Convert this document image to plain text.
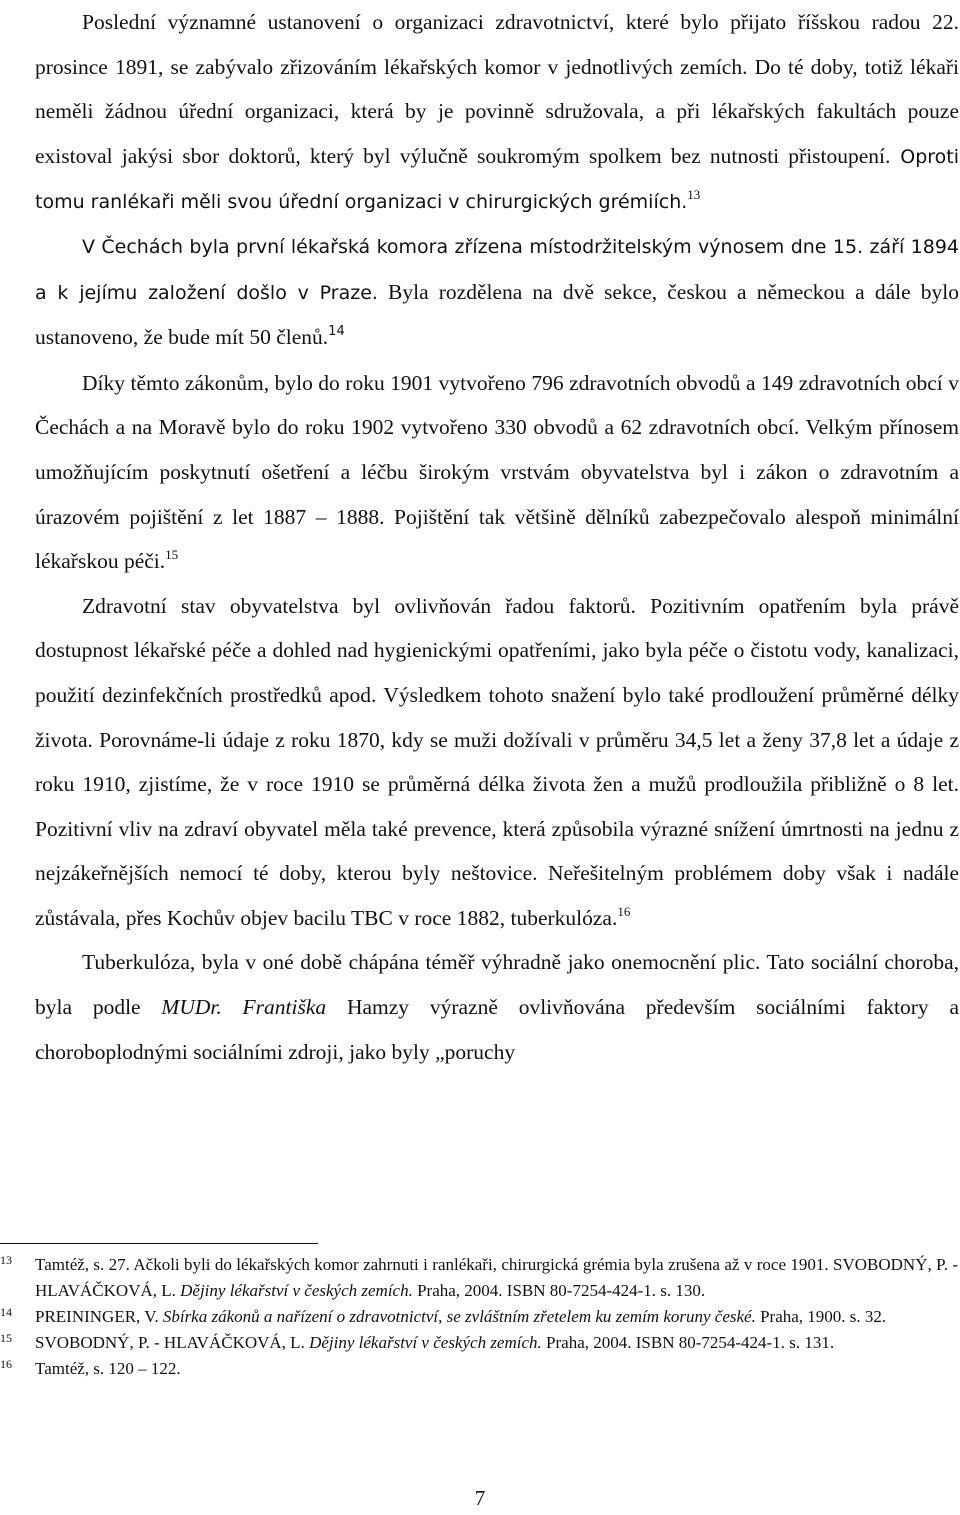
Poslední významné ustanovení o organizaci zdravotnictví, které bylo přijato říšskou radou 22. prosince 1891, se zabývalo zřizováním lékařských komor v jednotlivých zemích. Do té doby, totiž lékaři neměli žádnou úřední organizaci, která by je povinně sdružovala, a při lékařských fakultách pouze existoval jakýsi sbor doktorů, který byl výlučně soukromým spolkem bez nutnosti přistoupení. Oproti tomu ranlékaři měli svou úřední organizaci v chirurgických grémiích.$^{13}$

V Čechách byla první lékařská komora zřízena místodržitelským výnosem dne 15. září 1894 a k jejímu založení došlo v Praze. Byla rozdělena na dvě sekce, českou a německou a dále bylo ustanoveno, že bude mít 50 členů.$^{14}$

Díky těmto zákonům, bylo do roku 1901 vytvořeno 796 zdravotních obvodů a 149 zdravotních obcí v Čechách a na Moravě bylo do roku 1902 vytvořeno 330 obvodů a 62 zdravotních obcí. Velkým přínosem umožňujícím poskytnutí ošetření a léčbu širokým vrstvám obyvatelstva byl i zákon o zdravotním a úrazovém pojištění z let 1887 – 1888. Pojištění tak většině dělníků zabezpečovalo alespoň minimální lékařskou péči.$^{15}$

Zdravotní stav obyvatelstva byl ovlivňován řadou faktorů. Pozitivním opatřením byla právě dostupnost lékařské péče a dohled nad hygienickými opatřeními, jako byla péče o čistotu vody, kanalizaci, použití dezinfekčních prostředků apod. Výsledkem tohoto snažení bylo také prodloužení průměrné délky života. Porovnáme-li údaje z roku 1870, kdy se muži dožívali v průměru 34,5 let a ženy 37,8 let a údaje z roku 1910, zjistíme, že v roce 1910 se průměrná délka života žen a mužů prodloužila přibližně o 8 let. Pozitivní vliv na zdraví obyvatel měla také prevence, která způsobila výrazné snížení úmrtnosti na jednu z nejzákeřnějších nemocí té doby, kterou byly neštovice. Neřešitelným problémem doby však i nadále zůstávala, přes Kochův objev bacilu TBC v roce 1882, tuberkulóza.$^{16}$

Tuberkulóza, byla v oné době chápána téměř výhradně jako onemocnění plic. Tato sociální choroba, byla podle MUDr. Františka Hamzy výrazně ovlivňována především sociálními faktory a choroboplodnými sociálními zdroji, jako byly „poruchy

13	Tamtéž, s. 27. Ačkoli byli do lékařských komor zahrnuti i ranlékaři, chirurgická grémia byla zrušena až v roce 1901. SVOBODNÝ, P. - HLAVÁČKOVÁ, L. Dějiny lékařství v českých zemích. Praha, 2004. ISBN 80-7254-424-1. s. 130.
14	PREININGER, V. Sbírka zákonů a nařízení o zdravotnictví, se zvláštním zřetelem ku zemím koruny české. Praha, 1900. s. 32.
15	SVOBODNÝ, P. - HLAVÁČKOVÁ, L. Dějiny lékařství v českých zemích. Praha, 2004. ISBN 80-7254-424-1. s. 131.
16	Tamtéž, s. 120 – 122.
7
